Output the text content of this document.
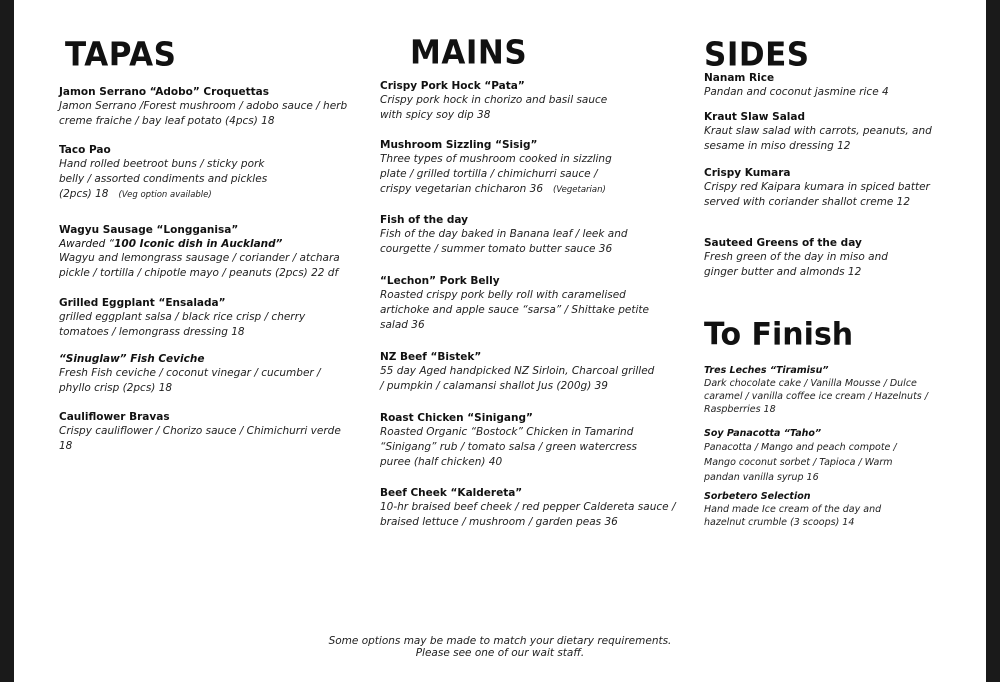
TAPAS
Jamon Serrano “Adobo” Croquettas
Jamon Serrano /Forest mushroom / adobo sauce / herb creme fraiche / bay leaf potato (4pcs) 18
Taco Pao
Hand rolled beetroot buns / sticky pork belly / assorted condiments and pickles (2pcs) 18 (Veg option available)
Wagyu Sausage “Longganisa”
Awarded “100 Iconic dish in Auckland”
Wagyu and lemongrass sausage / coriander / atchara pickle / tortilla / chipotle mayo / peanuts (2pcs) 22 df
Grilled Eggplant “Ensalada”
grilled eggplant salsa / black rice crisp / cherry tomatoes / lemongrass dressing 18
“Sinuglaw” Fish Ceviche
Fresh Fish ceviche / coconut vinegar / cucumber / phyllo crisp (2pcs) 18
Cauliflower Bravas
Crispy cauliflower / Chorizo sauce / Chimichurri verde 18
MAINS
Crispy Pork Hock “Pata”
Crispy pork hock in chorizo and basil sauce with spicy soy dip 38
Mushroom Sizzling “Sisig”
Three types of mushroom cooked in sizzling plate / grilled tortilla / chimichurri sauce / crispy vegetarian chicharon 36 (Vegetarian)
Fish of the day
Fish of the day baked in Banana leaf / leek and courgette / summer tomato butter sauce 36
“Lechon” Pork Belly
Roasted crispy pork belly roll with caramelised artichoke and apple sauce “sarsa” / Shittake petite salad 36
NZ Beef “Bistek”
55 day Aged handpicked NZ Sirloin, Charcoal grilled / pumpkin / calamansi shallot Jus (200g) 39
Roast Chicken “Sinigang”
Roasted Organic “Bostock” Chicken in Tamarind “Sinigang” rub / tomato salsa / green watercress puree (half chicken) 40
Beef Cheek “Kaldereta”
10-hr braised beef cheek / red pepper Caldereta sauce / braised lettuce / mushroom / garden peas 36
SIDES
Nanam Rice
Pandan and coconut jasmine rice 4
Kraut Slaw Salad
Kraut slaw salad with carrots, peanuts, and sesame in miso dressing 12
Crispy Kumara
Crispy red Kaipara kumara in spiced batter served with coriander shallot creme 12
Sauteed Greens of the day
Fresh green of the day in miso and ginger butter and almonds 12
To Finish
Tres Leches “Tiramisu”
Dark chocolate cake / Vanilla Mousse / Dulce caramel / vanilla coffee ice cream / Hazelnuts / Raspberries 18
Soy Panacotta “Taho”
Panacotta / Mango and peach compote / Mango coconut sorbet / Tapioca / Warm pandan vanilla syrup 16
Sorbetero Selection
Hand made Ice cream of the day and hazelnut crumble (3 scoops) 14
Some options may be made to match your dietary requirements.
Please see one of our wait staff.
